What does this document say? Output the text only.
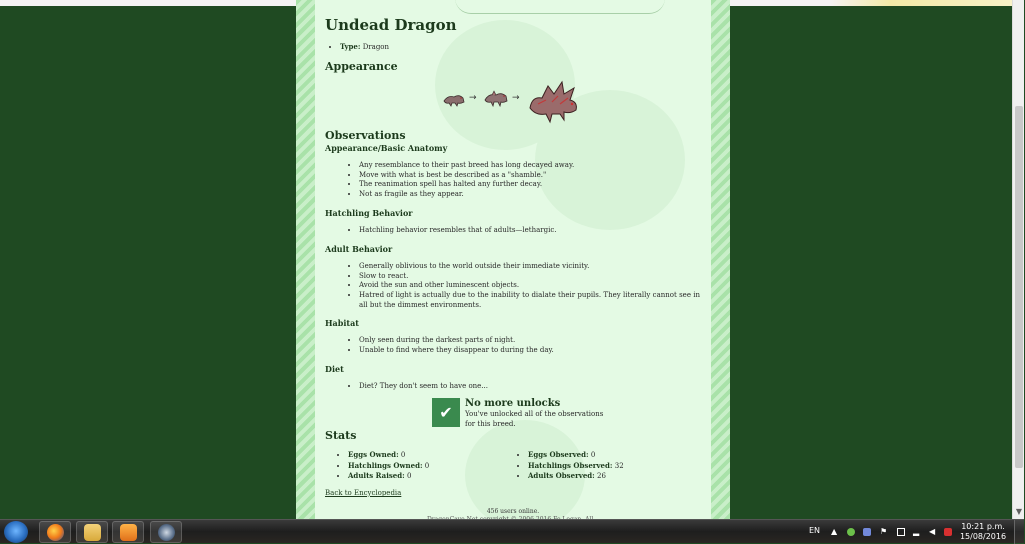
Undead Dragon
• Type: Dragon
Appearance
→	→
Observations
Appearance/Basic Anatomy
• Any resemblance to their past breed has long decayed away.
• Move with what is best be described as a "shamble."
• The reanimation spell has halted any further decay.
• Not as fragile as they appear.
Hatchling Behavior
• Hatchling behavior resembles that of adults—lethargic.
Adult Behavior
• Generally oblivious to the world outside their immediate vicinity.
• Slow to react.
• Avoid the sun and other luminescent objects.
• Hatred of light is actually due to the inability to dialate their pupils. They literally cannot see in all but the dimmest environments.
Habitat
• Only seen during the darkest parts of night.
• Unable to find where they disappear to during the day.
Diet
• Diet? They don't seem to have one...
✔	No more unlocks

You've unlocked all of the observations for this breed.

Stats
• Eggs Owned: 0
• Hatchlings Owned: 0
• Adults Raised: 0
• Eggs Observed: 0
• Hatchlings Observed: 32
• Adults Observed: 26
Back to Encyclopedia
456 users online.	▼
EN ▲	⚑	▂ ◀
10:21 p.m.
15/08/2016
